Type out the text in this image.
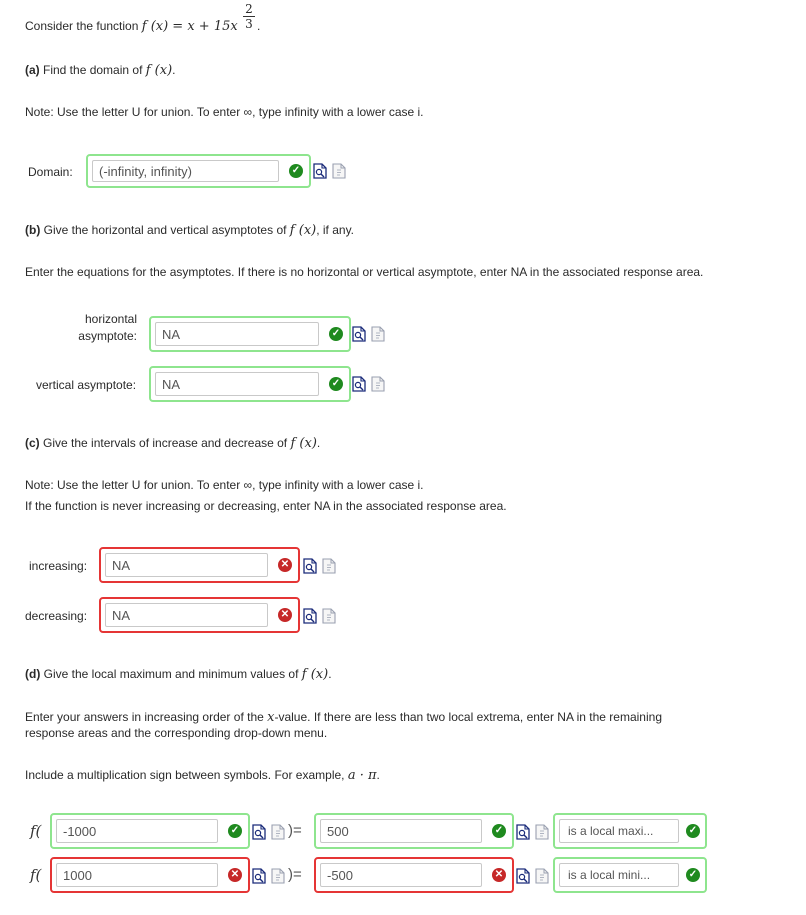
Consider the function f (x) = x + 15x
2
3 .
(a) Find the domain of f (x).
Note: Use the letter U for union. To enter ∞, type infinity with a lower case i.
Domain:	(-infinity, infinity)	✓
(b) Give the horizontal and vertical asymptotes of f (x), if any.
Enter the equations for the asymptotes. If there is no horizontal or vertical asymptote, enter NA in the associated response area.
horizontal
asymptote:	NA	✓
vertical asymptote:	NA	✓
(c) Give the intervals of increase and decrease of f (x).
Note: Use the letter U for union. To enter ∞, type infinity with a lower case i.
If the function is never increasing or decreasing, enter NA in the associated response area.
increasing:	NA	✕
decreasing:	NA	✕
(d) Give the local maximum and minimum values of f (x).
Enter your answers in increasing order of the x-value. If there are less than two local extrema, enter NA in the remaining
response areas and the corresponding drop-down menu.
Include a multiplication sign between symbols. For example, a · π.
f(	-1000	✓	)=	500	✓	is a local maxi...	✓
f(	1000	✕	)=	-500	✕	is a local mini...	✓
